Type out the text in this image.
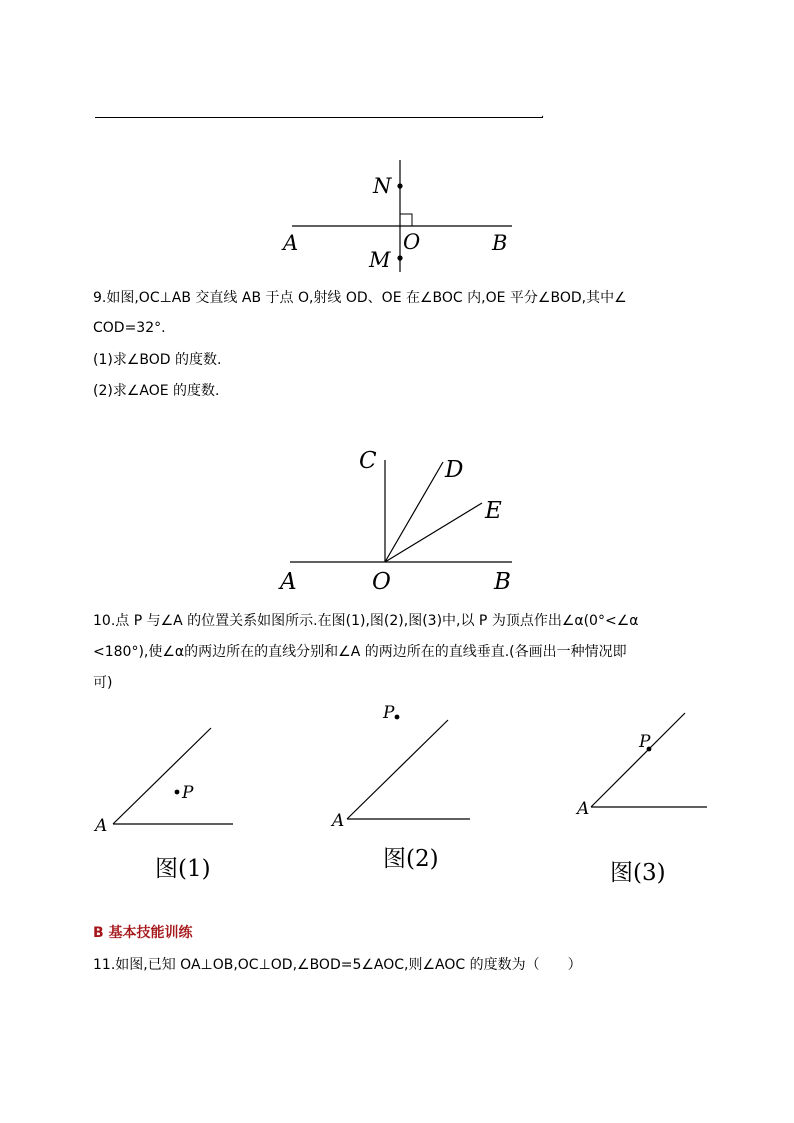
.
N
O
A	B
M
9.如图,OC⊥AB 交直线 AB 于点 O,射线 OD、OE 在∠BOC 内,OE 平分∠BOD,其中∠
COD=32°.
(1)求∠BOD 的度数.
(2)求∠AOE 的度数.
C	D
E
A	O	B
10.点 P 与∠A 的位置关系如图所示.在图(1),图(2),图(3)中,以 P 为顶点作出∠α(0°<∠α
<180°),使∠α的两边所在的直线分别和∠A 的两边所在的直线垂直.(各画出一种情况即
可)
P
A
图(1)
P
A
图(2)
P
A
图(3)
B 基本技能训练
11.如图,已知 OA⊥OB,OC⊥OD,∠BOD=5∠AOC,则∠AOC 的度数为（　　）
